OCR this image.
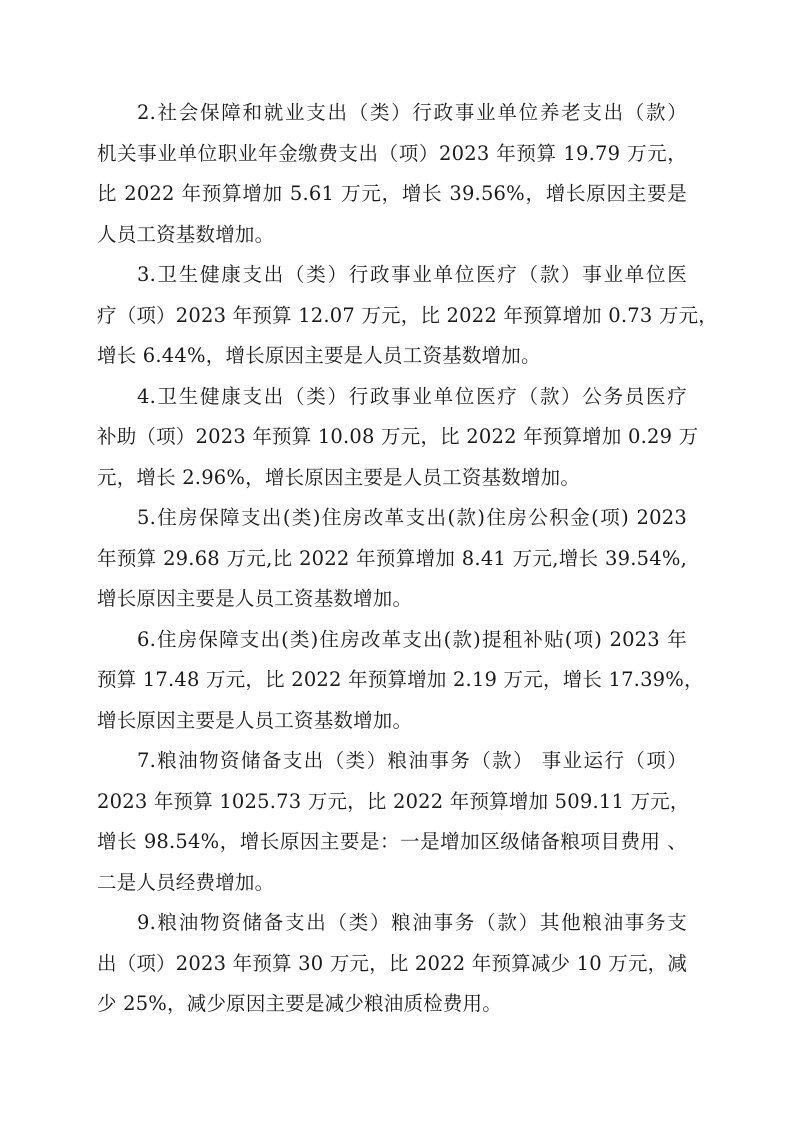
2.社会保障和就业支出（类）行政事业单位养老支出（款）
机关事业单位职业年金缴费支出（项）2023 年预算 19.79 万元，
比 2022 年预算增加 5.61 万元，增长 39.56%，增长原因主要是
人员工资基数增加。

3.卫生健康支出（类）行政事业单位医疗（款）事业单位医
疗（项）2023 年预算 12.07 万元，比 2022 年预算增加 0.73 万元，
增长 6.44%，增长原因主要是人员工资基数增加。

4.卫生健康支出（类）行政事业单位医疗（款）公务员医疗
补助（项）2023 年预算 10.08 万元，比 2022 年预算增加 0.29 万
元，增长 2.96%，增长原因主要是人员工资基数增加。

5.住房保障支出(类)住房改革支出(款)住房公积金(项) 2023
年预算 29.68 万元,比 2022 年预算增加 8.41 万元,增长 39.54%,
增长原因主要是人员工资基数增加。

6.住房保障支出(类)住房改革支出(款)提租补贴(项) 2023 年
预算 17.48 万元，比 2022 年预算增加 2.19 万元，增长 17.39%，
增长原因主要是人员工资基数增加。

7.粮油物资储备支出（类）粮油事务（款） 事业运行（项）
2023 年预算 1025.73 万元，比 2022 年预算增加 509.11 万元，
增长 98.54%，增长原因主要是：一是增加区级储备粮项目费用 、
二是人员经费增加。

9.粮油物资储备支出（类）粮油事务（款）其他粮油事务支
出（项）2023 年预算 30 万元，比 2022 年预算减少 10 万元，减
少 25%，减少原因主要是减少粮油质检费用。
